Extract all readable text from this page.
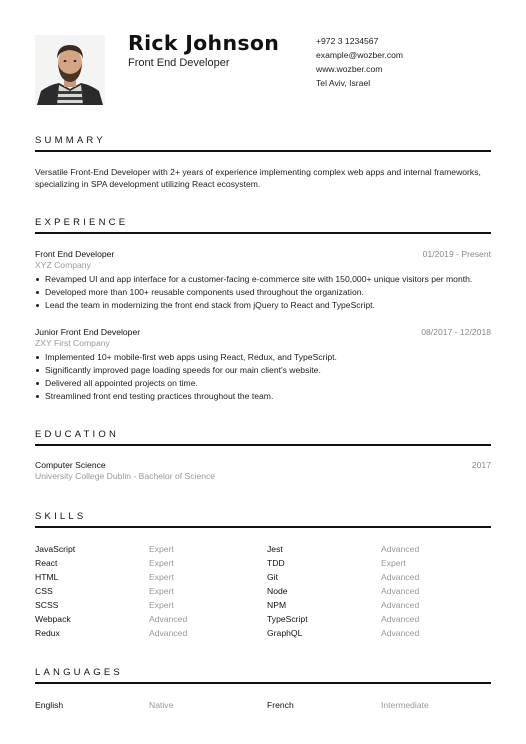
Rick Johnson
Front End Developer
+972 3 1234567
example@wozber.com
www.wozber.com
Tel Aviv, Israel
SUMMARY
Versatile Front-End Developer with 2+ years of experience implementing complex web apps and internal frameworks, specializing in SPA development utilizing React ecosystem.
EXPERIENCE
Front End Developer	01/2019 - Present
XYZ Company
Revamped UI and app interface for a customer-facing e-commerce site with 150,000+ unique visitors per month.
Developed more than 100+ reusable components used throughout the organization.
Lead the team in modernizing the front end stack from jQuery to React and TypeScript.
Junior Front End Developer	08/2017 - 12/2018
ZXY First Company
Implemented 10+ mobile-first web apps using React, Redux, and TypeScript.
Significantly improved page loading speeds for our main client's website.
Delivered all appointed projects on time.
Streamlined front end testing practices throughout the team.
EDUCATION
Computer Science	2017
University College Dublin - Bachelor of Science
SKILLS
JavaScript	Expert	Jest	Advanced
React	Expert	TDD	Expert
HTML	Expert	Git	Advanced
CSS	Expert	Node	Advanced
SCSS	Expert	NPM	Advanced
Webpack	Advanced	TypeScript	Advanced
Redux	Advanced	GraphQL	Advanced
LANGUAGES
English	Native	French	Intermediate
